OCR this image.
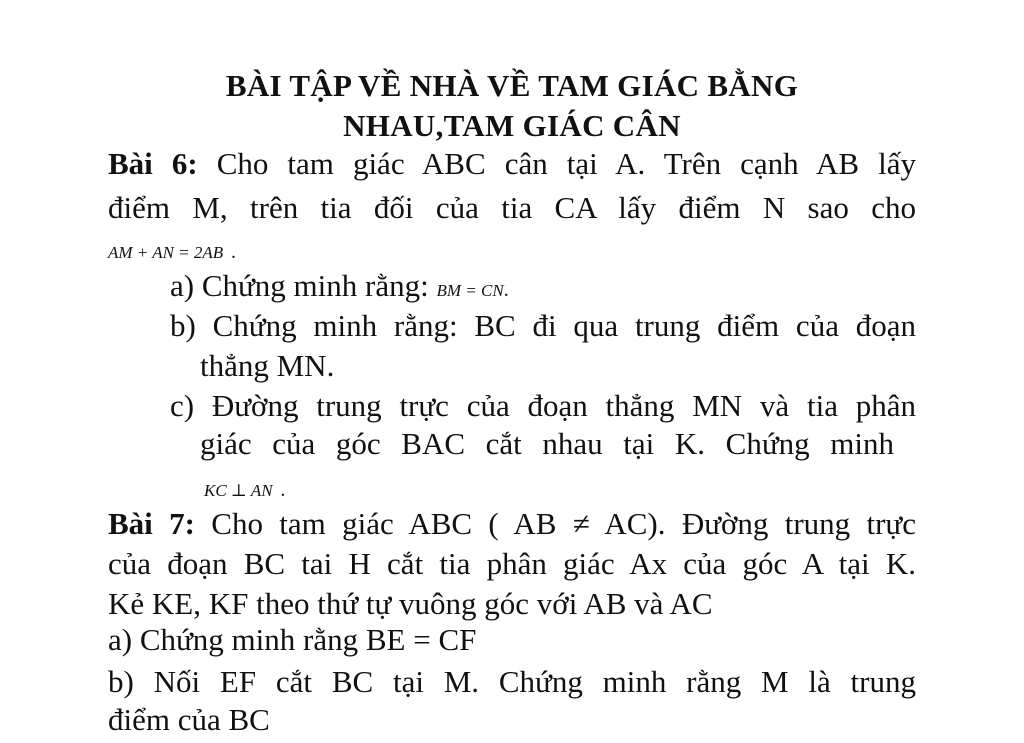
BÀI TẬP VỀ NHÀ VỀ TAM GIÁC BẰNG
NHAU,TAM GIÁC CÂN
Bài 6: Cho tam giác ABC cân tại A. Trên cạnh AB lấy
điểm M, trên tia đối của tia CA lấy điểm N sao cho
AM + AN = 2AB .
a) Chứng minh rằng: BM = CN.
b) Chứng minh rằng: BC đi qua trung điểm của đoạn
thẳng MN.
c) Đường trung trực của đoạn thẳng MN và tia phân
giác của góc BAC cắt nhau tại K. Chứng minh
KC ⊥ AN .
Bài 7: Cho tam giác ABC ( AB ≠ AC). Đường trung trực
của đoạn BC tai H cắt tia phân giác Ax của góc A tại K.
Kẻ KE, KF theo thứ tự vuông góc với AB và AC
a) Chứng minh rằng BE = CF
b) Nối EF cắt BC tại M. Chứng minh rằng M là trung
điểm của BC
